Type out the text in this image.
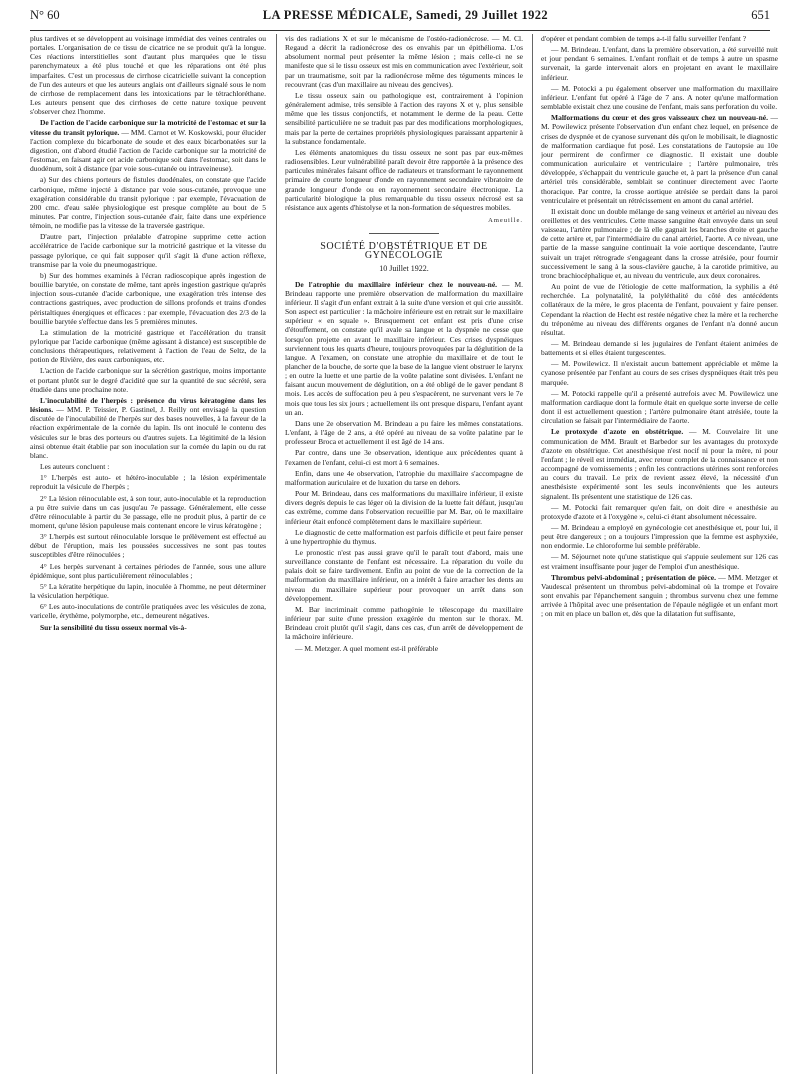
N° 60	LA PRESSE MÉDICALE, Samedi, 29 Juillet 1922	651

plus tardives et se développent au voisinage immédiat des veines centrales ou portales. L'organisation de ce tissu de cicatrice ne se produit qu'à la longue. Ces réactions interstitielles sont d'autant plus marquées que le tissu parenchymateux a été plus touché et que les réparations ont été plus imparfaites. C'est un processus de cirrhose cicatricielle suivant la conception de l'un des auteurs et que les auteurs anglais ont d'ailleurs signalé sous le nom de cirrhose de remplacement dans les intoxications par le tétrachloréthane. Les auteurs pensent que des cirrhoses de cette nature toxique peuvent s'observer chez l'homme.

De l'action de l'acide carbonique sur la motricité de l'estomac et sur la vitesse du transit pylorique. — MM. Carnot et W. Koskowski, pour élucider l'action complexe du bicarbonate de soude et des eaux bicarbonatées sur la digestion, ont d'abord étudié l'action de l'acide carbonique sur la motricité de l'estomac, en faisant agir cet acide carbonique soit dans l'estomac, soit dans le duodénum, soit à distance (par voie sous-cutanée ou intraveineuse).

a) Sur des chiens porteurs de fistules duodénales, on constate que l'acide carbonique, même injecté à distance par voie sous-cutanée, provoque une exagération considérable du transit pylorique : par exemple, l'évacuation de 200 cmc. d'eau salée physiologique est presque complète au bout de 5 minutes. Par contre, l'injection sous-cutanée d'air, faite dans une expérience témoin, ne modifie pas la vitesse de la traversée gastrique.

D'autre part, l'injection préalable d'atropine supprime cette action accélératrice de l'acide carbonique sur la motricité gastrique et la vitesse du passage pylorique, ce qui fait supposer qu'il s'agit là d'une action réflexe, transmise par la voie du pneumogastrique.

b) Sur des hommes examinés à l'écran radioscopique après ingestion de bouillie barytée, on constate de même, tant après ingestion gastrique qu'après injection sous-cutanée d'acide carbonique, une exagération très intense des contractions gastriques, avec production de sillons profonds et trains d'ondes péristaltiques énergiques et efficaces : par exemple, l'évacuation des 2/3 de la bouillie barytée s'effectue dans les 5 premières minutes.

La stimulation de la motricité gastrique et l'accélération du transit pylorique par l'acide carbonique (même agissant à distance) est susceptible de conclusions thérapeutiques, relativement à l'action de l'eau de Seltz, de la potion de Rivière, des eaux carboniques, etc.

L'action de l'acide carbonique sur la sécrétion gastrique, moins importante et portant plutôt sur le degré d'acidité que sur la quantité de suc sécrété, sera étudiée dans une prochaine note.

L'inoculabilité de l'herpès : présence du virus kératogène dans les lésions. — MM. P. Teissier, P. Gastinel, J. Reilly ont envisagé la question discutée de l'inoculabilité de l'herpès sur des bases nouvelles, à la faveur de la réaction expérimentale de la cornée du lapin. Ils ont inoculé le contenu des vésicules sur le bras des porteurs ou d'autres sujets. La légitimité de la lésion ainsi obtenue était établie par son inoculation sur la cornée du lapin ou du rat blanc.

Les auteurs concluent :

1° L'herpès est auto- et hétéro-inoculable ; la lésion expérimentale reproduit la vésicule de l'herpès ;

2° La lésion réinoculable est, à son tour, auto-inoculable et la reproduction a pu être suivie dans un cas jusqu'au 7e passage. Généralement, elle cesse d'être réinoculable à partir du 3e passage, elle ne produit plus, à partir de ce moment, qu'une lésion papuleuse mais contenant encore le virus kératogène ;

3° L'herpès est surtout réinoculable lorsque le prélèvement est effectué au début de l'éruption, mais les poussées successives ne sont pas toutes susceptibles d'être réinoculées ;

4° Les herpès survenant à certaines périodes de l'année, sous une allure épidémique, sont plus particulièrement réinoculables ;

5° La kératite herpétique du lapin, inoculée à l'homme, ne peut déterminer la vésiculation herpétique.

6° Les auto-inoculations de contrôle pratiquées avec les vésicules de zona, varicelle, érythème, polymorphe, etc., demeurent négatives.

Sur la sensibilité du tissu osseux normal vis-à-

vis des radiations X et sur le mécanisme de l'ostéo-radionécrose. — M. Cl. Regaud a décrit la radionécrose des os envahis par un épithélioma. L'os absolument normal peut présenter la même lésion ; mais celle-ci ne se manifeste que si le tissu osseux est mis en communication avec l'extérieur, soit par un traumatisme, soit par la radionécrose même des téguments minces le recouvrant (cas d'un maxillaire au niveau des gencives).

Le tissu osseux sain ou pathologique est, contrairement à l'opinion généralement admise, très sensible à l'action des rayons X et γ, plus sensible même que les tissus conjonctifs, et notamment le derme de la peau. Cette sensibilité particulière ne se traduit pas par des modifications morphologiques, mais par la perte de certaines propriétés physiologiques paraissant appartenir à la substance fondamentale.

Les éléments anatomiques du tissu osseux ne sont pas par eux-mêmes radiosensibles. Leur vulnérabilité paraît devoir être rapportée à la présence des particules minérales faisant office de radiateurs et transformant le rayonnement primaire de courte longueur d'onde en rayonnement secondaire vibratoire de grande longueur d'onde ou en rayonnement secondaire électronique. La particularité biologique la plus remarquable du tissu osseux nécrosé est sa résistance aux agents d'histolyse et la non-formation de séquestres mobiles.

Ameuille.
SOCIÉTÉ D'OBSTÉTRIQUE ET DE GYNÉCOLOGIE
10 Juillet 1922.

De l'atrophie du maxillaire inférieur chez le nouveau-né. — M. Brindeau rapporte une première observation de malformation du maxillaire inférieur. Il s'agit d'un enfant extrait à la suite d'une version et qui crie aussitôt. Son aspect est particulier : la mâchoire inférieure est en retrait sur le maxillaire supérieur « en squale ». Brusquement cet enfant est pris d'une crise d'étouffement, on constate qu'il avale sa langue et la dyspnée ne cesse que lorsqu'on projette en avant le maxillaire inférieur. Ces crises dyspnéiques surviennent tous les quarts d'heure, toujours provoquées par la déglutition de la langue. A l'examen, on constate une atrophie du maxillaire et de tout le plancher de la bouche, de sorte que la base de la langue vient obstruer le larynx ; en outre la luette et une partie de la voûte palatine sont divisées. L'enfant ne faisant aucun mouvement de déglutition, on a été obligé de le gaver pendant 8 mois. Les accès de suffocation peu à peu s'espacèrent, ne survenant vers le 7e mois que tous les six jours ; actuellement ils ont presque disparu, l'enfant ayant un an.

Dans une 2e observation M. Brindeau a pu faire les mêmes constatations. L'enfant, à l'âge de 2 ans, a été opéré au niveau de sa voûte palatine par le professeur Broca et actuellement il est âgé de 14 ans.

Par contre, dans une 3e observation, identique aux précédentes quant à l'examen de l'enfant, celui-ci est mort à 6 semaines.

Enfin, dans une 4e observation, l'atrophie du maxillaire s'accompagne de malformation auriculaire et de luxation du tarse en dehors.

Pour M. Brindeau, dans ces malformations du maxillaire inférieur, il existe divers degrés depuis le cas léger où la division de la luette fait défaut, jusqu'au cas extrême, comme dans l'observation recueillie par M. Bar, où le maxillaire inférieur était enfoncé complètement dans le maxillaire supérieur.

Le diagnostic de cette malformation est parfois difficile et peut faire penser à une hypertrophie du thymus.

Le pronostic n'est pas aussi grave qu'il le paraît tout d'abord, mais une surveillance constante de l'enfant est nécessaire. La réparation du voile du palais doit se faire tardivement. Enfin au point de vue de la correction de la malformation du maxillaire inférieur, on a intérêt à faire arracher les dents au niveau du maxillaire supérieur pour provoquer un arrêt dans son développement.

M. Bar incriminait comme pathogénie le télescopage du maxillaire inférieur par suite d'une pression exagérée du menton sur le thorax. M. Brindeau croit plutôt qu'il s'agit, dans ces cas, d'un arrêt de développement de la mâchoire inférieure.

— M. Metzger. A quel moment est-il préférable

d'opérer et pendant combien de temps a-t-il fallu surveiller l'enfant ?

— M. Brindeau. L'enfant, dans la première observation, a été surveillé nuit et jour pendant 6 semaines. L'enfant ronflait et de temps à autre un spasme survenait, la garde intervenait alors en projetant en avant le maxillaire inférieur.

— M. Potocki a pu également observer une malformation du maxillaire inférieur. L'enfant fut opéré à l'âge de 7 ans. A noter qu'une malformation semblable existait chez une cousine de l'enfant, mais sans perforation du voile.

Malformations du cœur et des gros vaisseaux chez un nouveau-né. — M. Powilewicz présente l'observation d'un enfant chez lequel, en présence de crises de dyspnée et de cyanose survenant dès qu'on le mobilisait, le diagnostic de malformation cardiaque fut posé. Les constatations de l'autopsie au 10e jour permirent de confirmer ce diagnostic. Il existait une double communication auriculaire et ventriculaire ; l'artère pulmonaire, très développée, s'échappait du ventricule gauche et, à part la présence d'un canal artériel très considérable, semblait se continuer directement avec l'aorte thoracique. Par contre, la crosse aortique atrésiée se perdait dans la paroi ventriculaire et présentait un rétrécissement en amont du canal artériel.

Il existait donc un double mélange de sang veineux et artériel au niveau des oreillettes et des ventricules. Cette masse sanguine était envoyée dans un seul vaisseau, l'artère pulmonaire ; de là elle gagnait les branches droite et gauche de cette artère et, par l'intermédiaire du canal artériel, l'aorte. A ce niveau, une partie de la masse sanguine continuait la voie aortique descendante, l'autre suivait un trajet rétrograde s'engageant dans la crosse atrésiée, pour fournir successivement le sang à la sous-clavière gauche, à la carotide primitive, au tronc brachiocéphalique et, au niveau du ventricule, aux deux coronaires.

Au point de vue de l'étiologie de cette malformation, la syphilis a été recherchée. La polynatalité, la polyléthalité du côté des antécédents collatéraux de la mère, le gros placenta de l'enfant, pouvaient y faire penser. Cependant la réaction de Hecht est restée négative chez la mère et la recherche du tréponème au niveau des différents organes de l'enfant n'a donné aucun résultat.

— M. Brindeau demande si les jugulaires de l'enfant étaient animées de battements et si elles étaient turgescentes.

— M. Powilewicz. Il n'existait aucun battement appréciable et même la cyanose présentée par l'enfant au cours de ses crises dyspnéiques était très peu marquée.

— M. Potocki rappelle qu'il a présenté autrefois avec M. Powilewicz une malformation cardiaque dont la formule était en quelque sorte inverse de celle dont il est actuellement question ; l'artère pulmonaire étant atrésiée, toute la circulation se faisait par l'intermédiaire de l'aorte.

Le protoxyde d'azote en obstétrique. — M. Couvelaire lit une communication de MM. Brault et Barbedor sur les avantages du protoxyde d'azote en obstétrique. Cet anesthésique n'est nocif ni pour la mère, ni pour l'enfant ; le réveil est immédiat, avec retour complet de la connaissance et non accompagné de vomissements ; enfin les contractions utérines sont renforcées au cours du travail. Le prix de revient assez élevé, la nécessité d'un anesthésiste expérimenté sont les seuls inconvénients que les auteurs signalent. Ils présentent une statistique de 126 cas.

— M. Potocki fait remarquer qu'en fait, on doit dire « anesthésie au protoxyde d'azote et à l'oxygène », celui-ci étant absolument nécessaire.

— M. Brindeau a employé en gynécologie cet anesthésique et, pour lui, il peut être dangereux ; on a toujours l'impression que la femme est asphyxiée, non endormie. Le chloroforme lui semble préférable.

— M. Séjournet note qu'une statistique qui s'appuie seulement sur 126 cas est vraiment insuffisante pour juger de l'emploi d'un anesthésique.

Thrombus pelvi-abdominal ; présentation de pièce. — MM. Metzger et Vaudescal présentent un thrombus pelvi-abdominal où la trompe et l'ovaire sont envahis par l'épanchement sanguin ; thrombus survenu chez une femme arrivée à l'hôpital avec une présentation de l'épaule négligée et un enfant mort ; on mit en place un ballon et, dès que la dilatation fut suffisante,
